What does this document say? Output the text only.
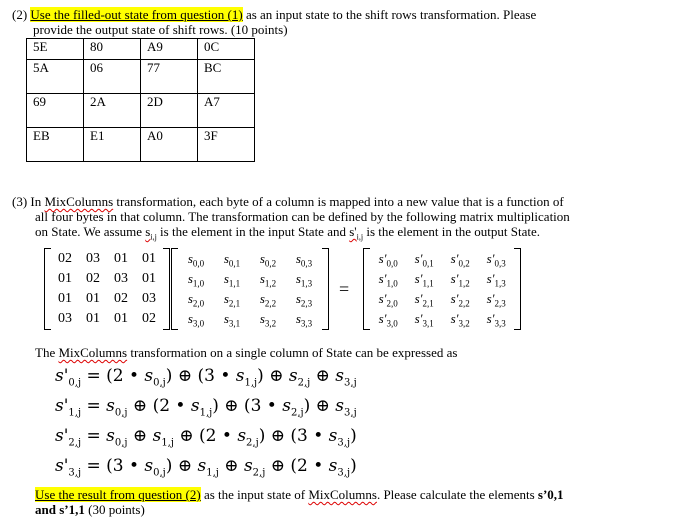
(2) Use the filled-out state from question (1) as an input state to the shift rows transformation. Please
provide the output state of shift rows. (10 points)
5E	80	A9	0C
5A	06	77	BC
69	2A	2D	A7
EB	E1	A0	3F
(3) In MixColumns transformation, each byte of a column is mapped into a new value that is a function of
all four bytes in that column. The transformation can be defined by the following matrix multiplication
on State. We assume $s_{i,j}$ is the element in the input State and $s'_{i,j}$ is the element in the output State.
02	03	01	01
01	02	03	01
01	01	02	03
03	01	01	02
$s_{0,0}$	$s_{0,1}$	$s_{0,2}$	$s_{0,3}$
$s_{1,0}$	$s_{1,1}$	$s_{1,2}$	$s_{1,3}$
$s_{2,0}$	$s_{2,1}$	$s_{2,2}$	$s_{2,3}$
$s_{3,0}$	$s_{3,1}$	$s_{3,2}$	$s_{3,3}$
=
$s'_{0,0}$	$s'_{0,1}$	$s'_{0,2}$	$s'_{0,3}$
$s'_{1,0}$	$s'_{1,1}$	$s'_{1,2}$	$s'_{1,3}$
$s'_{2,0}$	$s'_{2,1}$	$s'_{2,2}$	$s'_{2,3}$
$s'_{3,0}$	$s'_{3,1}$	$s'_{3,2}$	$s'_{3,3}$
The MixColumns transformation on a single column of State can be expressed as
$s'_{0,j} = (2$ • $s_{0,j}$) ⊕ (3 • $s_{1,j}$) ⊕ $s_{2,j}$ ⊕ $s_{3,j}$
$s'_{1,j} = s_{0,j}$ ⊕ (2 • $s_{1,j}$) ⊕ (3 • $s_{2,j}$) ⊕ $s_{3,j}$
$s'_{2,j} = s_{0,j}$ ⊕ $s_{1,j}$ ⊕ (2 • $s_{2,j}$) ⊕ (3 • $s_{3,j}$)
$s'_{3,j} = (3$ • $s_{0,j}$) ⊕ $s_{1,j}$ ⊕ $s_{2,j}$ ⊕ (2 • $s_{3,j}$)
Use the result from question (2) as the input state of MixColumns. Please calculate the elements s’0,1
and s’1,1 (30 points)
